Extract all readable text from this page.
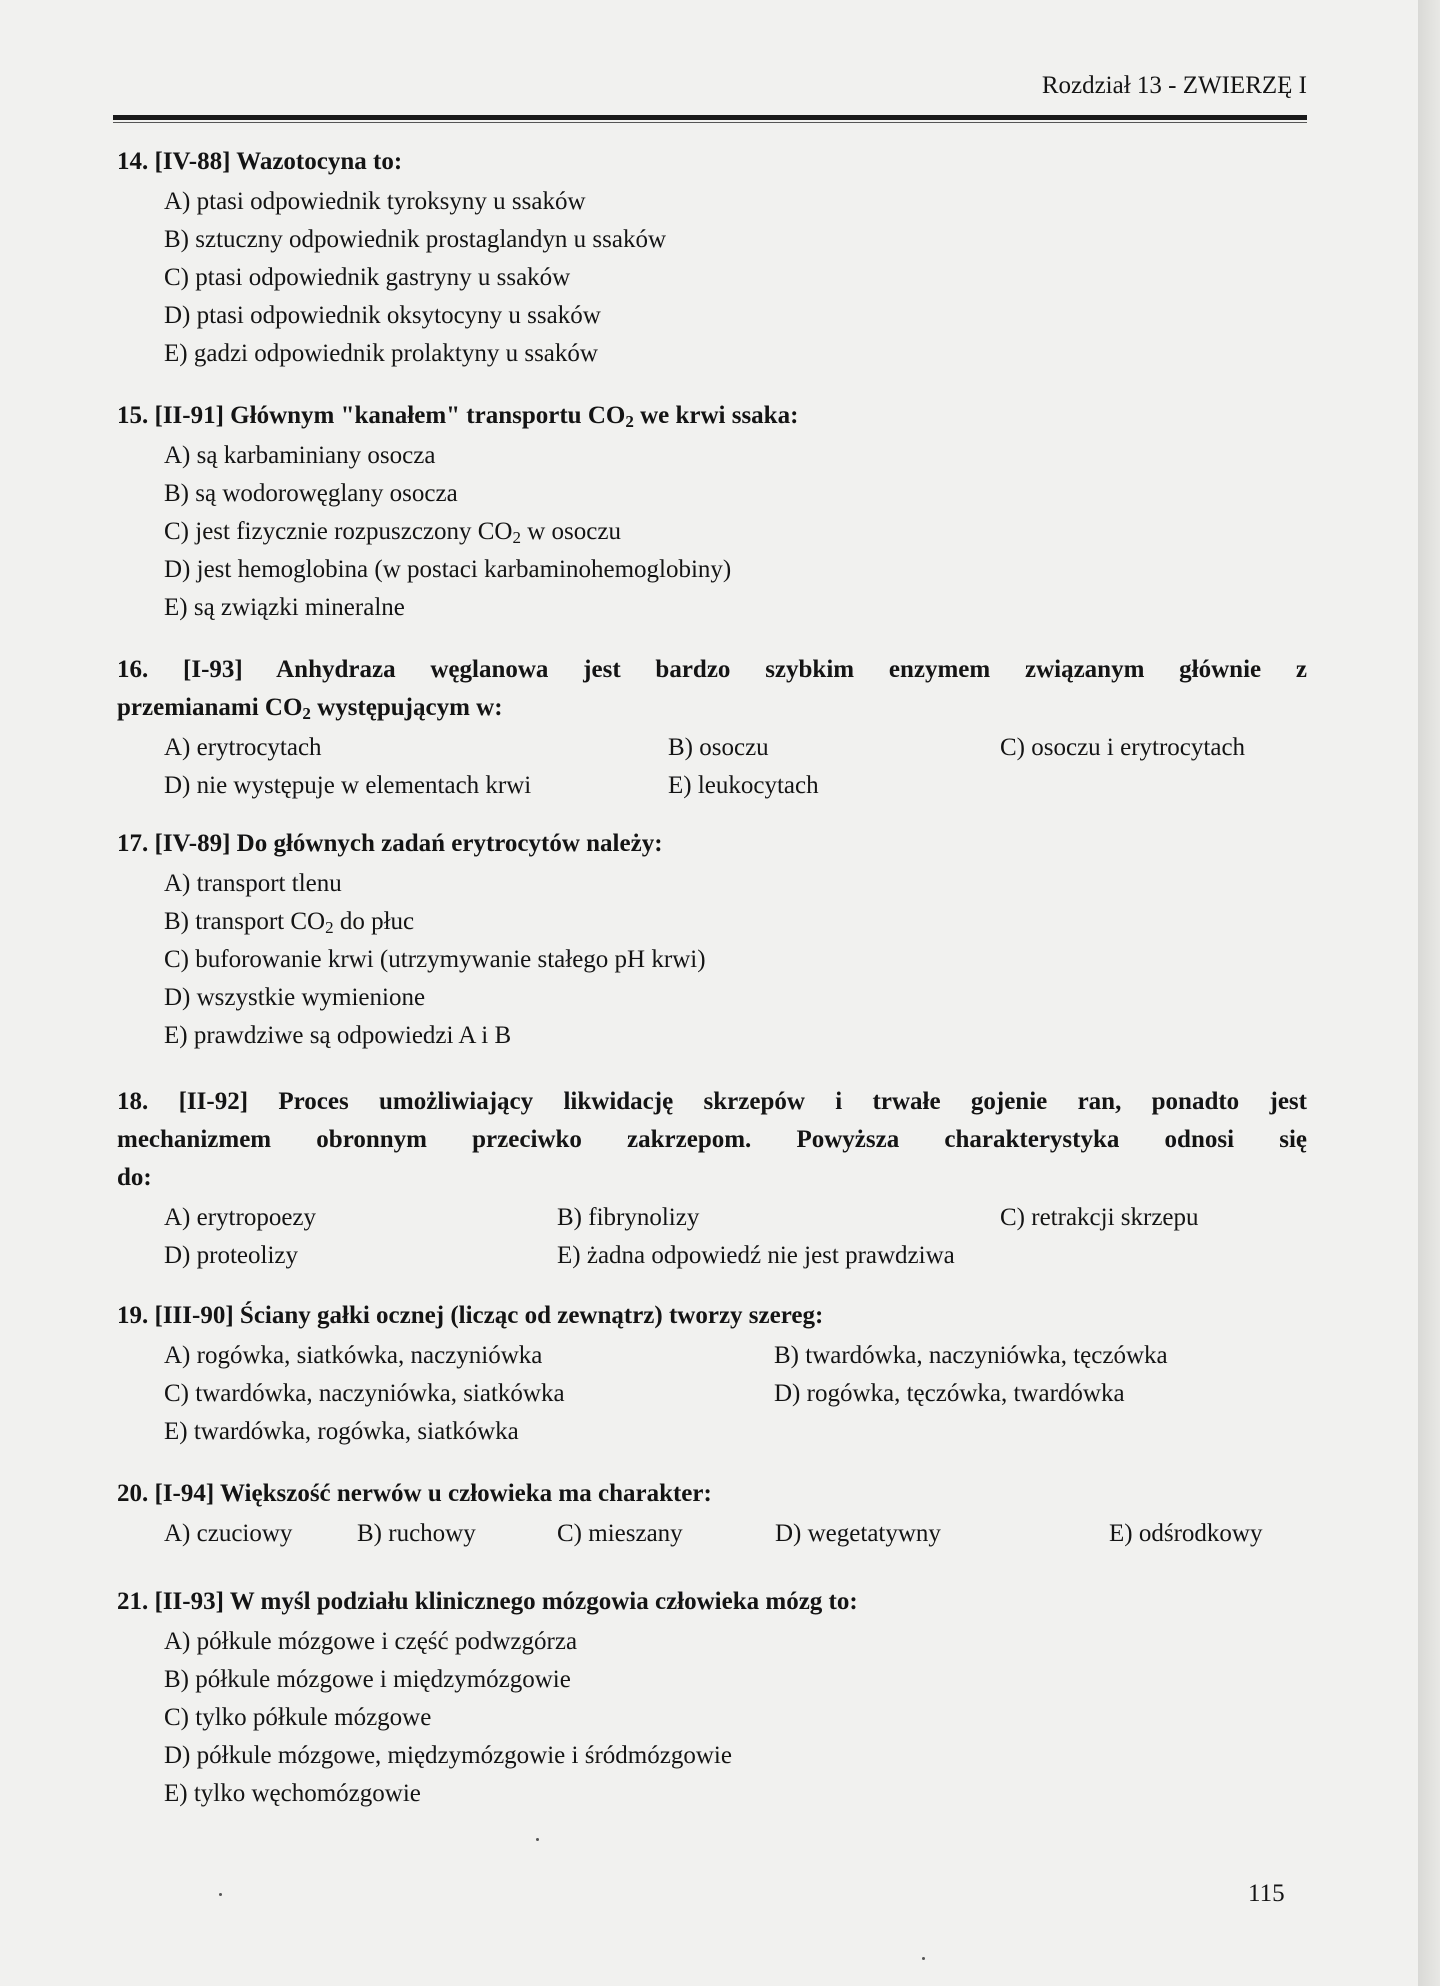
Rozdział 13 - ZWIERZĘ I
14. [IV-88] Wazotocyna to:
A) ptasi odpowiednik tyroksyny u ssaków
B) sztuczny odpowiednik prostaglandyn u ssaków
C) ptasi odpowiednik gastryny u ssaków
D) ptasi odpowiednik oksytocyny u ssaków
E) gadzi odpowiednik prolaktyny u ssaków
15. [II-91] Głównym "kanałem" transportu $CO_2$ we krwi ssaka:
A) są karbaminiany osocza
B) są wodorowęglany osocza
C) jest fizycznie rozpuszczony $CO_2$ w osoczu
D) jest hemoglobina (w postaci karbaminohemoglobiny)
E) są związki mineralne
16. [I-93] Anhydraza węglanowa jest bardzo szybkim enzymem związanym głównie z
przemianami $CO_2$ występującym w:
A) erytrocytach	B) osoczu	C) osoczu i erytrocytach
D) nie występuje w elementach krwi	E) leukocytach
17. [IV-89] Do głównych zadań erytrocytów należy:
A) transport tlenu
B) transport $CO_2$ do płuc
C) buforowanie krwi (utrzymywanie stałego pH krwi)
D) wszystkie wymienione
E) prawdziwe są odpowiedzi A i B
18. [II-92] Proces umożliwiający likwidację skrzepów i trwałe gojenie ran, ponadto jest
mechanizmem obronnym przeciwko zakrzepom. Powyższa charakterystyka odnosi się
do:
A) erytropoezy	B) fibrynolizy	C) retrakcji skrzepu
D) proteolizy	E) żadna odpowiedź nie jest prawdziwa
19. [III-90] Ściany gałki ocznej (licząc od zewnątrz) tworzy szereg:
A) rogówka, siatkówka, naczyniówka	B) twardówka, naczyniówka, tęczówka
C) twardówka, naczyniówka, siatkówka	D) rogówka, tęczówka, twardówka
E) twardówka, rogówka, siatkówka
20. [I-94] Większość nerwów u człowieka ma charakter:
A) czuciowy	B) ruchowy	C) mieszany	D) wegetatywny	E) odśrodkowy
21. [II-93] W myśl podziału klinicznego mózgowia człowieka mózg to:
A) półkule mózgowe i część podwzgórza
B) półkule mózgowe i międzymózgowie
C) tylko półkule mózgowe
D) półkule mózgowe, międzymózgowie i śródmózgowie
E) tylko węchomózgowie
115
